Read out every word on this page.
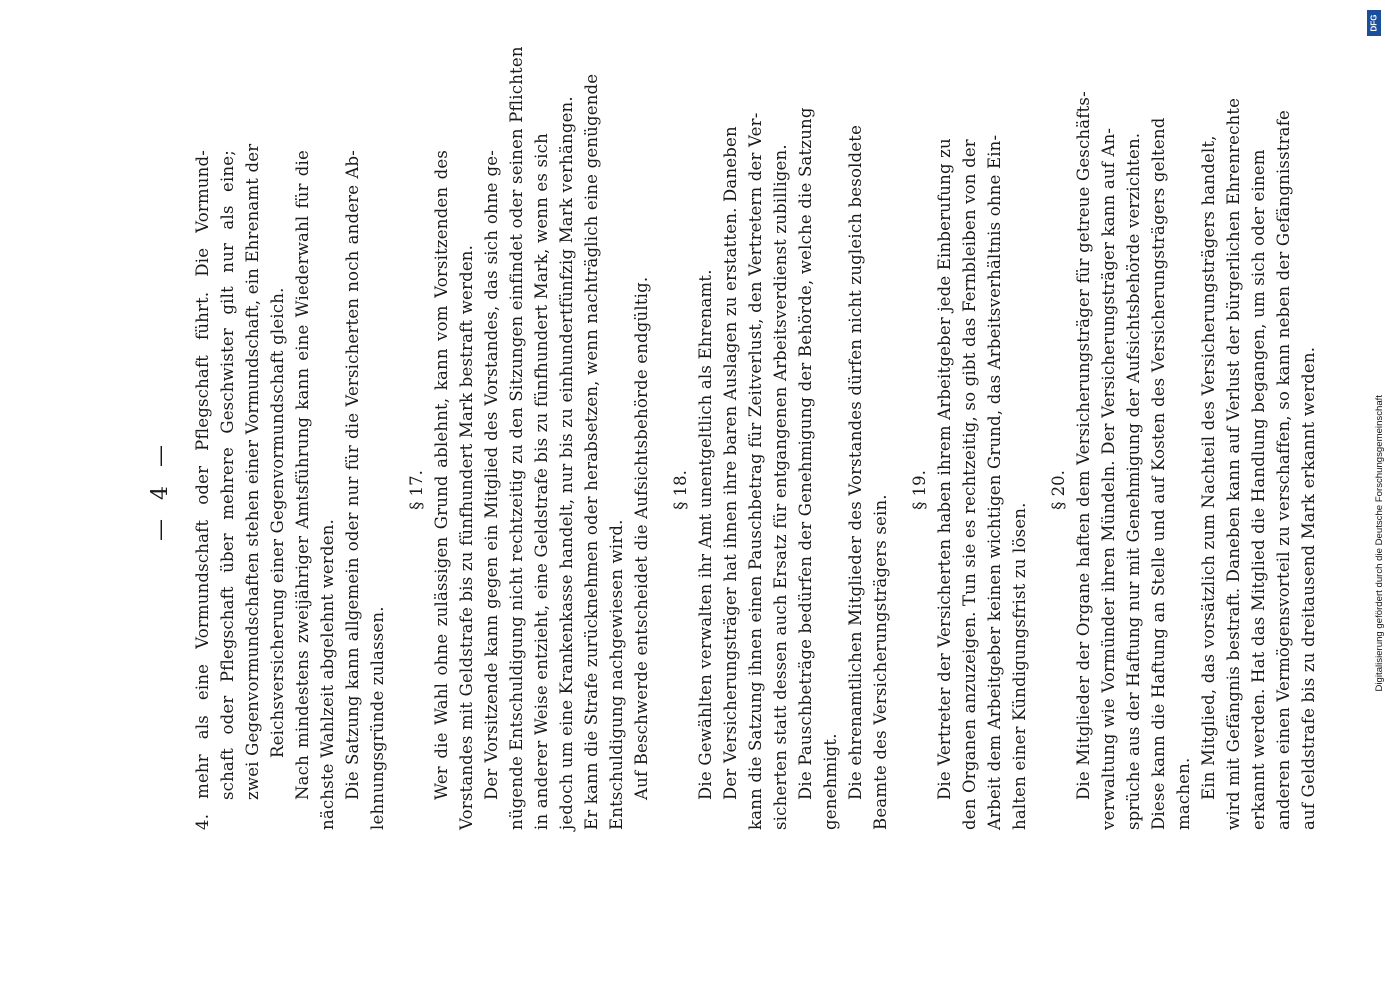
— 4 — 4. mehr als eine Vormundschaft oder Pflegschaft führt. Die Vormund- schaft oder Pflegschaft über mehrere Geschwister gilt nur als eine; zwei Gegenvormundschaften stehen einer Vormundschaft, ein Ehrenamt der Reichsversicherung einer Gegenvormundschaft gleich. Nach mindestens zweijähriger Amtsführung kann eine Wiederwahl für die nächste Wahlzeit abgelehnt werden. Die Satzung kann allgemein oder nur für die Versicherten noch andere Ab- lehnungsgründe zulassen.
§ 17. Wer die Wahl ohne zulässigen Grund ablehnt, kann vom Vorsitzenden des Vorstandes mit Geldstrafe bis zu fünfhundert Mark bestraft werden. Der Vorsitzende kann gegen ein Mitglied des Vorstandes, das sich ohne ge- nügende Entschuldigung nicht rechtzeitig zu den Sitzungen einfindet oder seinen Pflichten in anderer Weise entzieht, eine Geldstrafe bis zu fünfhundert Mark, wenn es sich jedoch um eine Krankenkasse handelt, nur bis zu einhundertfünfzig Mark verhängen. Er kann die Strafe zurücknehmen oder herabsetzen, wenn nachträglich eine genügende Entschuldigung nachgewiesen wird. Auf Beschwerde entscheidet die Aufsichtsbehörde endgültig. § 18. Die Gewählten verwalten ihr Amt unentgeltlich als Ehrenamt. Der Versicherungsträger hat ihnen ihre baren Auslagen zu erstatten. Daneben kann die Satzung ihnen einen Pauschbetrag für Zeitverlust, den Vertretern der Ver- sicherten statt dessen auch Ersatz für entgangenen Arbeitsverdienst zubilligen. Die Pauschbeträge bedürfen der Genehmigung der Behörde, welche die Satzung genehmigt. Die ehrenamtlichen Mitglieder des Vorstandes dürfen nicht zugleich besoldete Beamte des Versicherungsträgers sein.
§ 19. Die Vertreter der Versicherten haben ihrem Arbeitgeber jede Einberufung zu den Organen anzuzeigen. Tun sie es rechtzeitig, so gibt das Fernbleiben von der Arbeit dem Arbeitgeber keinen wichtigen Grund, das Arbeitsverhältnis ohne Ein- halten einer Kündigungsfrist zu lösen.
§ 20. Die Mitglieder der Organe haften dem Versicherungsträger für getreue Geschäfts- verwaltung wie Vormünder ihren Mündeln. Der Versicherungsträger kann auf An- sprüche aus der Haftung nur mit Genehmigung der Aufsichtsbehörde verzichten. Diese kann die Haftung an Stelle und auf Kosten des Versicherungsträgers geltend machen. Ein Mitglied, das vorsätzlich zum Nachteil des Versicherungsträgers handelt, wird mit Gefängnis bestraft. Daneben kann auf Verlust der bürgerlichen Ehrenrechte erkannt werden. Hat das Mitglied die Handlung begangen, um sich oder einem anderen einen Vermögensvorteil zu verschaffen, so kann neben der Gefängnisstrafe auf Geldstrafe bis zu dreitausend Mark erkannt werden.
DFG
Digitalisierung gefördert durch die Deutsche Forschungsgemeinschaft
